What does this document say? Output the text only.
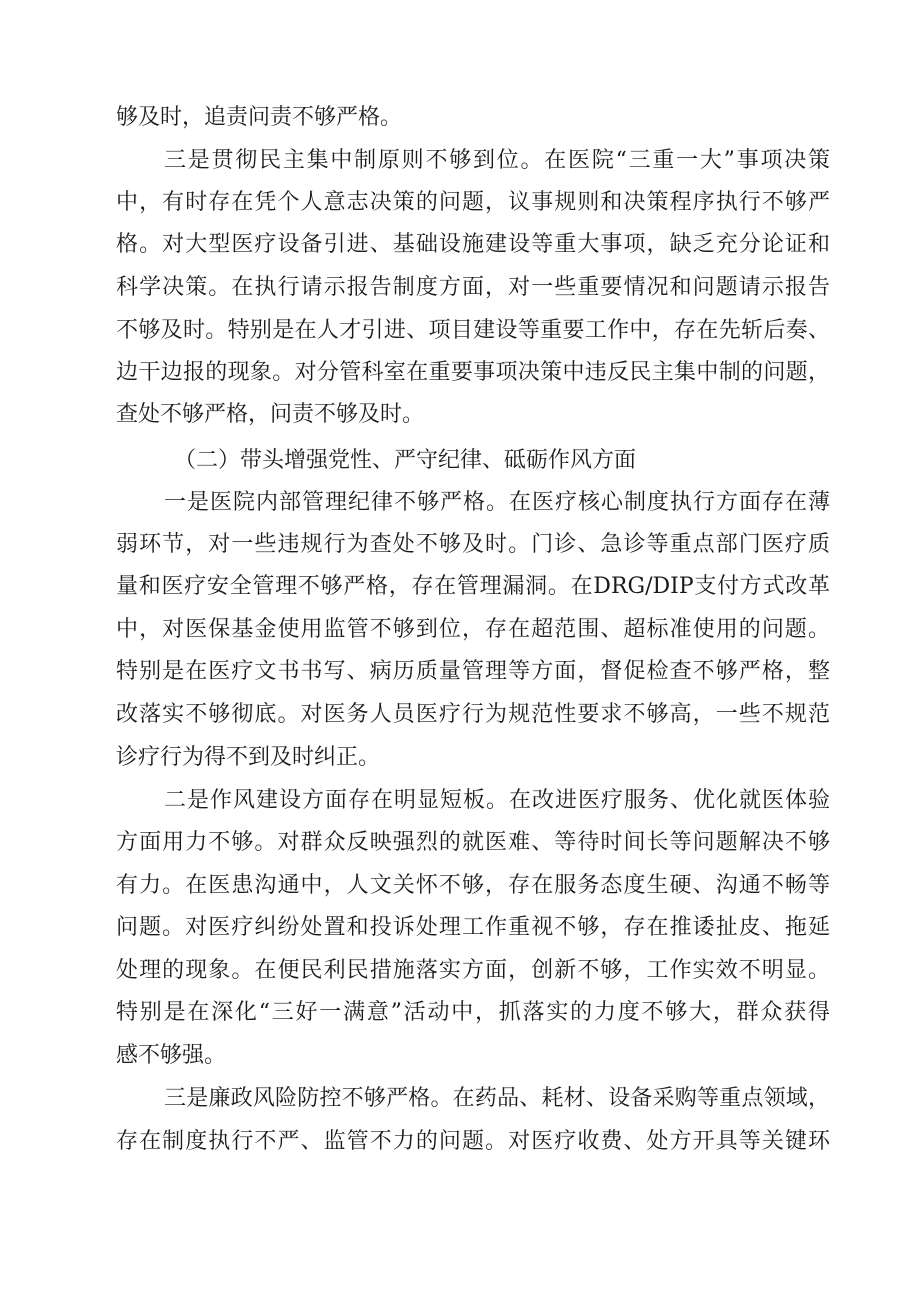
够及时，追责问责不够严格。

三是贯彻民主集中制原则不够到位。在医院“三重一大”事项决策

中，有时存在凭个人意志决策的问题，议事规则和决策程序执行不够严

格。对大型医疗设备引进、基础设施建设等重大事项，缺乏充分论证和

科学决策。在执行请示报告制度方面，对一些重要情况和问题请示报告

不够及时。特别是在人才引进、项目建设等重要工作中，存在先斩后奏、

边干边报的现象。对分管科室在重要事项决策中违反民主集中制的问题，

查处不够严格，问责不够及时。

（二）带头增强党性、严守纪律、砥砺作风方面

一是医院内部管理纪律不够严格。在医疗核心制度执行方面存在薄

弱环节，对一些违规行为查处不够及时。门诊、急诊等重点部门医疗质

量和医疗安全管理不够严格，存在管理漏洞。在DRG/DIP支付方式改革

中，对医保基金使用监管不够到位，存在超范围、超标准使用的问题。

特别是在医疗文书书写、病历质量管理等方面，督促检查不够严格，整

改落实不够彻底。对医务人员医疗行为规范性要求不够高，一些不规范

诊疗行为得不到及时纠正。

二是作风建设方面存在明显短板。在改进医疗服务、优化就医体验

方面用力不够。对群众反映强烈的就医难、等待时间长等问题解决不够

有力。在医患沟通中，人文关怀不够，存在服务态度生硬、沟通不畅等

问题。对医疗纠纷处置和投诉处理工作重视不够，存在推诿扯皮、拖延

处理的现象。在便民利民措施落实方面，创新不够，工作实效不明显。

特别是在深化“三好一满意”活动中，抓落实的力度不够大，群众获得

感不够强。

三是廉政风险防控不够严格。在药品、耗材、设备采购等重点领域，

存在制度执行不严、监管不力的问题。对医疗收费、处方开具等关键环
